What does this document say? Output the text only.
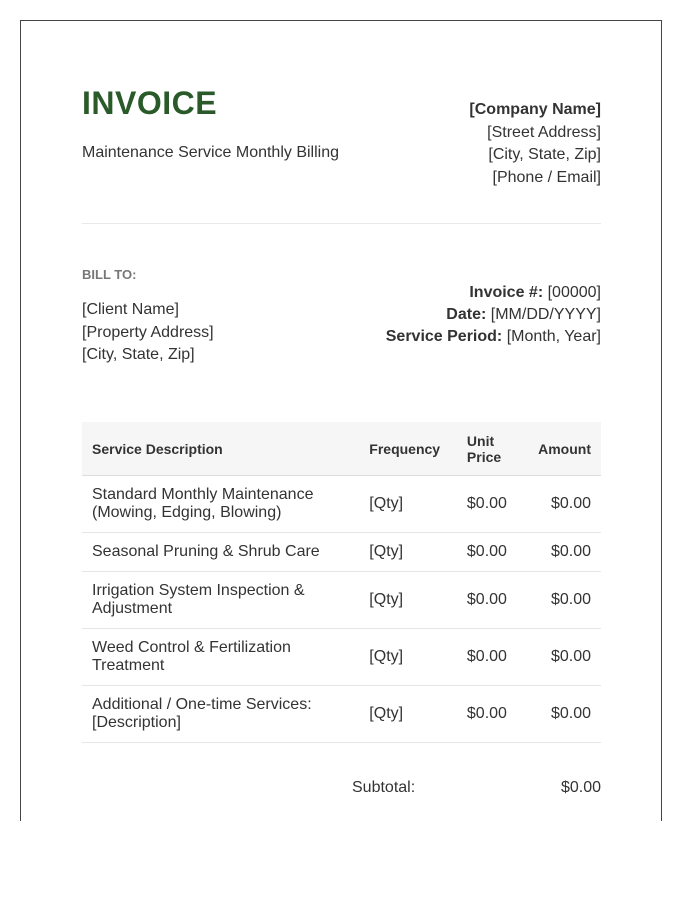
INVOICE
Maintenance Service Monthly Billing
[Company Name]
[Street Address]
[City, State, Zip]
[Phone / Email]
BILL TO:
[Client Name]
[Property Address]
[City, State, Zip]
Invoice #: [00000]
Date: [MM/DD/YYYY]
Service Period: [Month, Year]
Service Description	Frequency	Unit Price	Amount
Standard Monthly Maintenance (Mowing, Edging, Blowing)	[Qty]	$0.00	$0.00
Seasonal Pruning & Shrub Care	[Qty]	$0.00	$0.00
Irrigation System Inspection & Adjustment	[Qty]	$0.00	$0.00
Weed Control & Fertilization Treatment	[Qty]	$0.00	$0.00
Additional / One-time Services: [Description]	[Qty]	$0.00	$0.00
Subtotal:	$0.00
